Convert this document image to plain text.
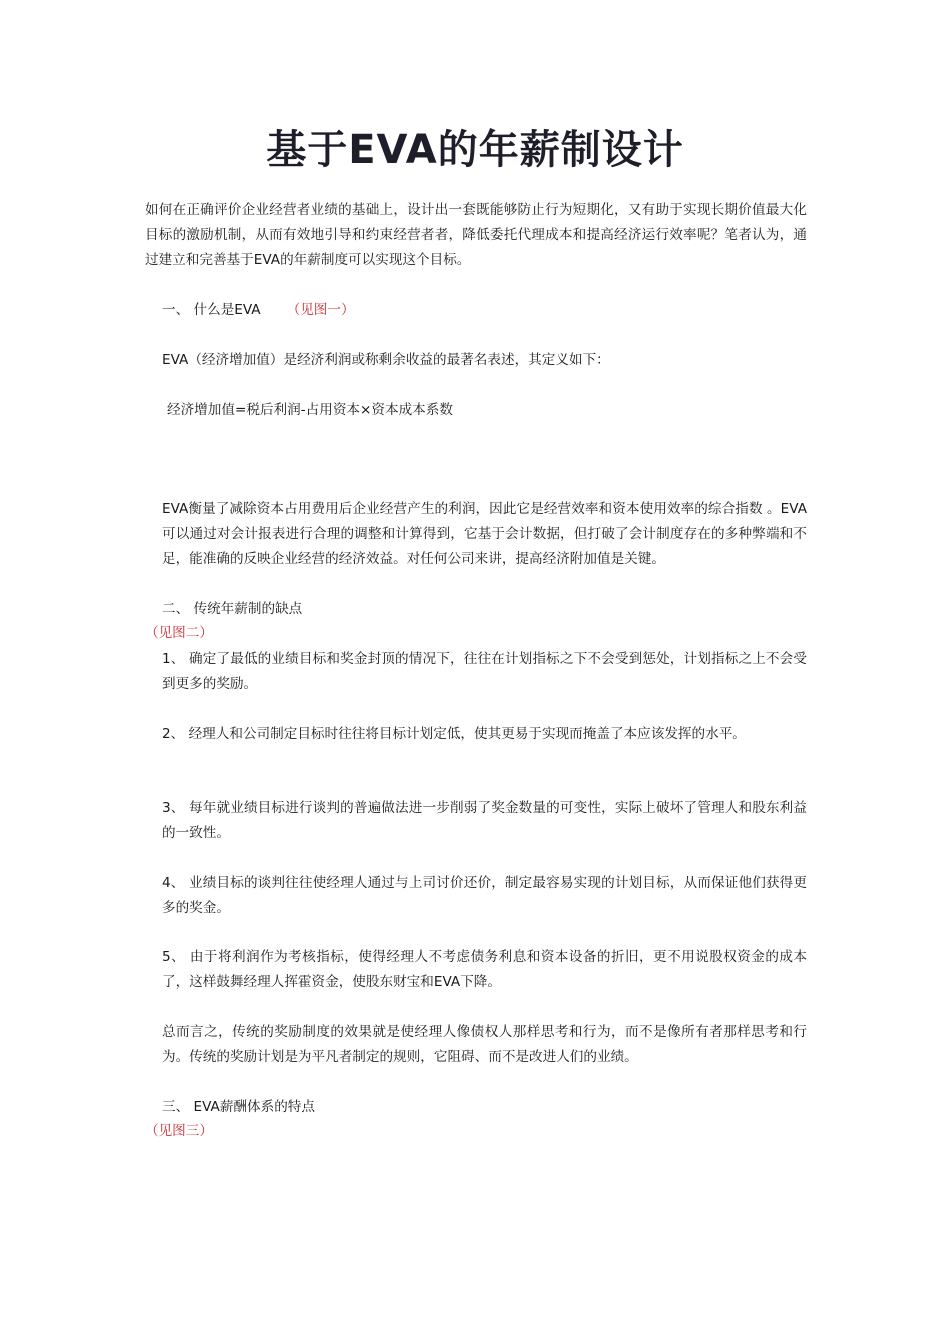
基于EVA的年薪制设计
如何在正确评价企业经营者业绩的基础上，设计出一套既能够防止行为短期化，又有助于实现长期价值最大化目标的激励机制，从而有效地引导和约束经营者者，降低委托代理成本和提高经济运行效率呢？笔者认为，通过建立和完善基于EVA的年薪制度可以实现这个目标。
一、 什么是EVA （见图一）
EVA（经济增加值）是经济利润或称剩余收益的最著名表述，其定义如下：
经济增加值=税后利润-占用资本×资本成本系数
EVA衡量了减除资本占用费用后企业经营产生的利润，因此它是经营效率和资本使用效率的综合指数 。EVA可以通过对会计报表进行合理的调整和计算得到，它基于会计数据，但打破了会计制度存在的多种弊端和不足，能准确的反映企业经营的经济效益。对任何公司来讲，提高经济附加值是关键。
二、 传统年薪制的缺点
（见图二）
1、 确定了最低的业绩目标和奖金封顶的情况下，往往在计划指标之下不会受到惩处，计划指标之上不会受到更多的奖励。
2、 经理人和公司制定目标时往往将目标计划定低，使其更易于实现而掩盖了本应该发挥的水平。
3、 每年就业绩目标进行谈判的普遍做法进一步削弱了奖金数量的可变性，实际上破坏了管理人和股东利益的一致性。
4、 业绩目标的谈判往往使经理人通过与上司讨价还价，制定最容易实现的计划目标，从而保证他们获得更多的奖金。
5、 由于将利润作为考核指标，使得经理人不考虑债务利息和资本设备的折旧，更不用说股权资金的成本了，这样鼓舞经理人挥霍资金，使股东财宝和EVA下降。
总而言之，传统的奖励制度的效果就是使经理人像债权人那样思考和行为，而不是像所有者那样思考和行为。传统的奖励计划是为平凡者制定的规则，它阻碍、而不是改进人们的业绩。
三、 EVA薪酬体系的特点
（见图三）
